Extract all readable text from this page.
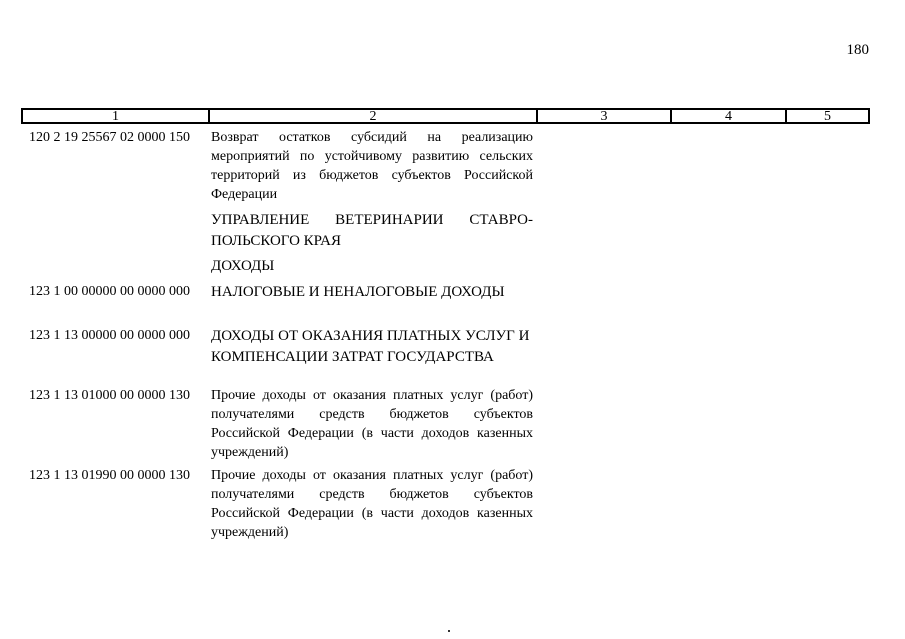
180
1	2	3	4	5
120 2 19 25567 02 0000 150 Возврат остатков субсидий на реализацию мероприятий по устойчивому развитию сельских территорий из бюджетов субъектов Российской Федерации
УПРАВЛЕНИЕ ВЕТЕРИНАРИИ СТАВРО-ПОЛЬСКОГО КРАЯ
ДОХОДЫ
123 1 00 00000 00 0000 000 НАЛОГОВЫЕ И НЕНАЛОГОВЫЕ ДОХОДЫ
123 1 13 00000 00 0000 000 ДОХОДЫ ОТ ОКАЗАНИЯ ПЛАТНЫХ УСЛУГ И КОМПЕНСАЦИИ ЗАТРАТ ГОСУДАРСТВА
123 1 13 01000 00 0000 130 Прочие доходы от оказания платных услуг (работ) получателями средств бюджетов субъектов Российской Федерации (в части доходов казенных учреждений)
123 1 13 01990 00 0000 130 Прочие доходы от оказания платных услуг (работ) получателями средств бюджетов субъектов Российской Федерации (в части доходов казенных учреждений)
